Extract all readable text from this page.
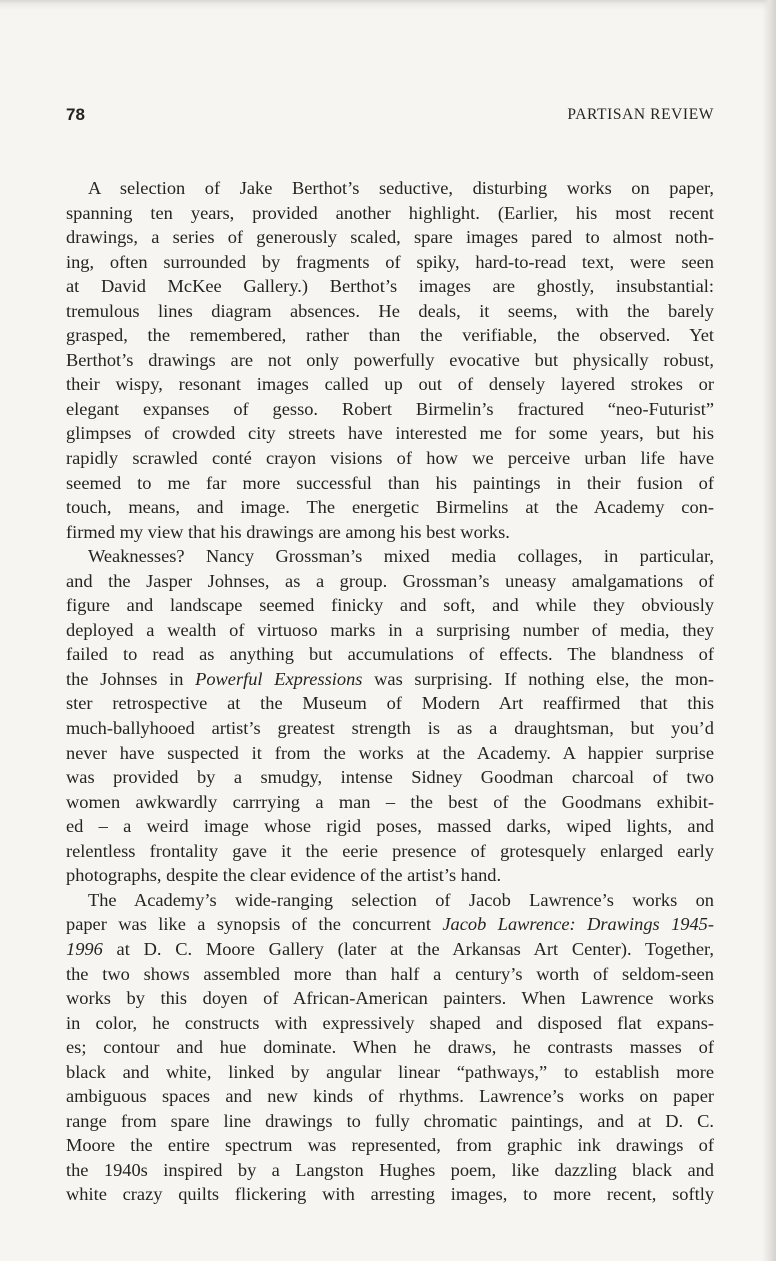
78	PARTISAN REVIEW
A selection of Jake Berthot’s seductive, disturbing works on paper,
spanning ten years, provided another highlight. (Earlier, his most recent
drawings, a series of generously scaled, spare images pared to almost noth-
ing, often surrounded by fragments of spiky, hard-to-read text, were seen
at David McKee Gallery.) Berthot’s images are ghostly, insubstantial:
tremulous lines diagram absences. He deals, it seems, with the barely
grasped, the remembered, rather than the verifiable, the observed. Yet
Berthot’s drawings are not only powerfully evocative but physically robust,
their wispy, resonant images called up out of densely layered strokes or
elegant expanses of gesso. Robert Birmelin’s fractured “neo-Futurist”
glimpses of crowded city streets have interested me for some years, but his
rapidly scrawled conté crayon visions of how we perceive urban life have
seemed to me far more successful than his paintings in their fusion of
touch, means, and image. The energetic Birmelins at the Academy con-
firmed my view that his drawings are among his best works.
Weaknesses? Nancy Grossman’s mixed media collages, in particular,
and the Jasper Johnses, as a group. Grossman’s uneasy amalgamations of
figure and landscape seemed finicky and soft, and while they obviously
deployed a wealth of virtuoso marks in a surprising number of media, they
failed to read as anything but accumulations of effects. The blandness of
the Johnses in Powerful Expressions was surprising. If nothing else, the mon-
ster retrospective at the Museum of Modern Art reaffirmed that this
much-ballyhooed artist’s greatest strength is as a draughtsman, but you’d
never have suspected it from the works at the Academy. A happier surprise
was provided by a smudgy, intense Sidney Goodman charcoal of two
women awkwardly carrrying a man – the best of the Goodmans exhibit-
ed – a weird image whose rigid poses, massed darks, wiped lights, and
relentless frontality gave it the eerie presence of grotesquely enlarged early
photographs, despite the clear evidence of the artist’s hand.
The Academy’s wide-ranging selection of Jacob Lawrence’s works on
paper was like a synopsis of the concurrent Jacob Lawrence: Drawings 1945-
1996 at D. C. Moore Gallery (later at the Arkansas Art Center). Together,
the two shows assembled more than half a century’s worth of seldom-seen
works by this doyen of African-American painters. When Lawrence works
in color, he constructs with expressively shaped and disposed flat expans-
es; contour and hue dominate. When he draws, he contrasts masses of
black and white, linked by angular linear “pathways,” to establish more
ambiguous spaces and new kinds of rhythms. Lawrence’s works on paper
range from spare line drawings to fully chromatic paintings, and at D. C.
Moore the entire spectrum was represented, from graphic ink drawings of
the 1940s inspired by a Langston Hughes poem, like dazzling black and
white crazy quilts flickering with arresting images, to more recent, softly
